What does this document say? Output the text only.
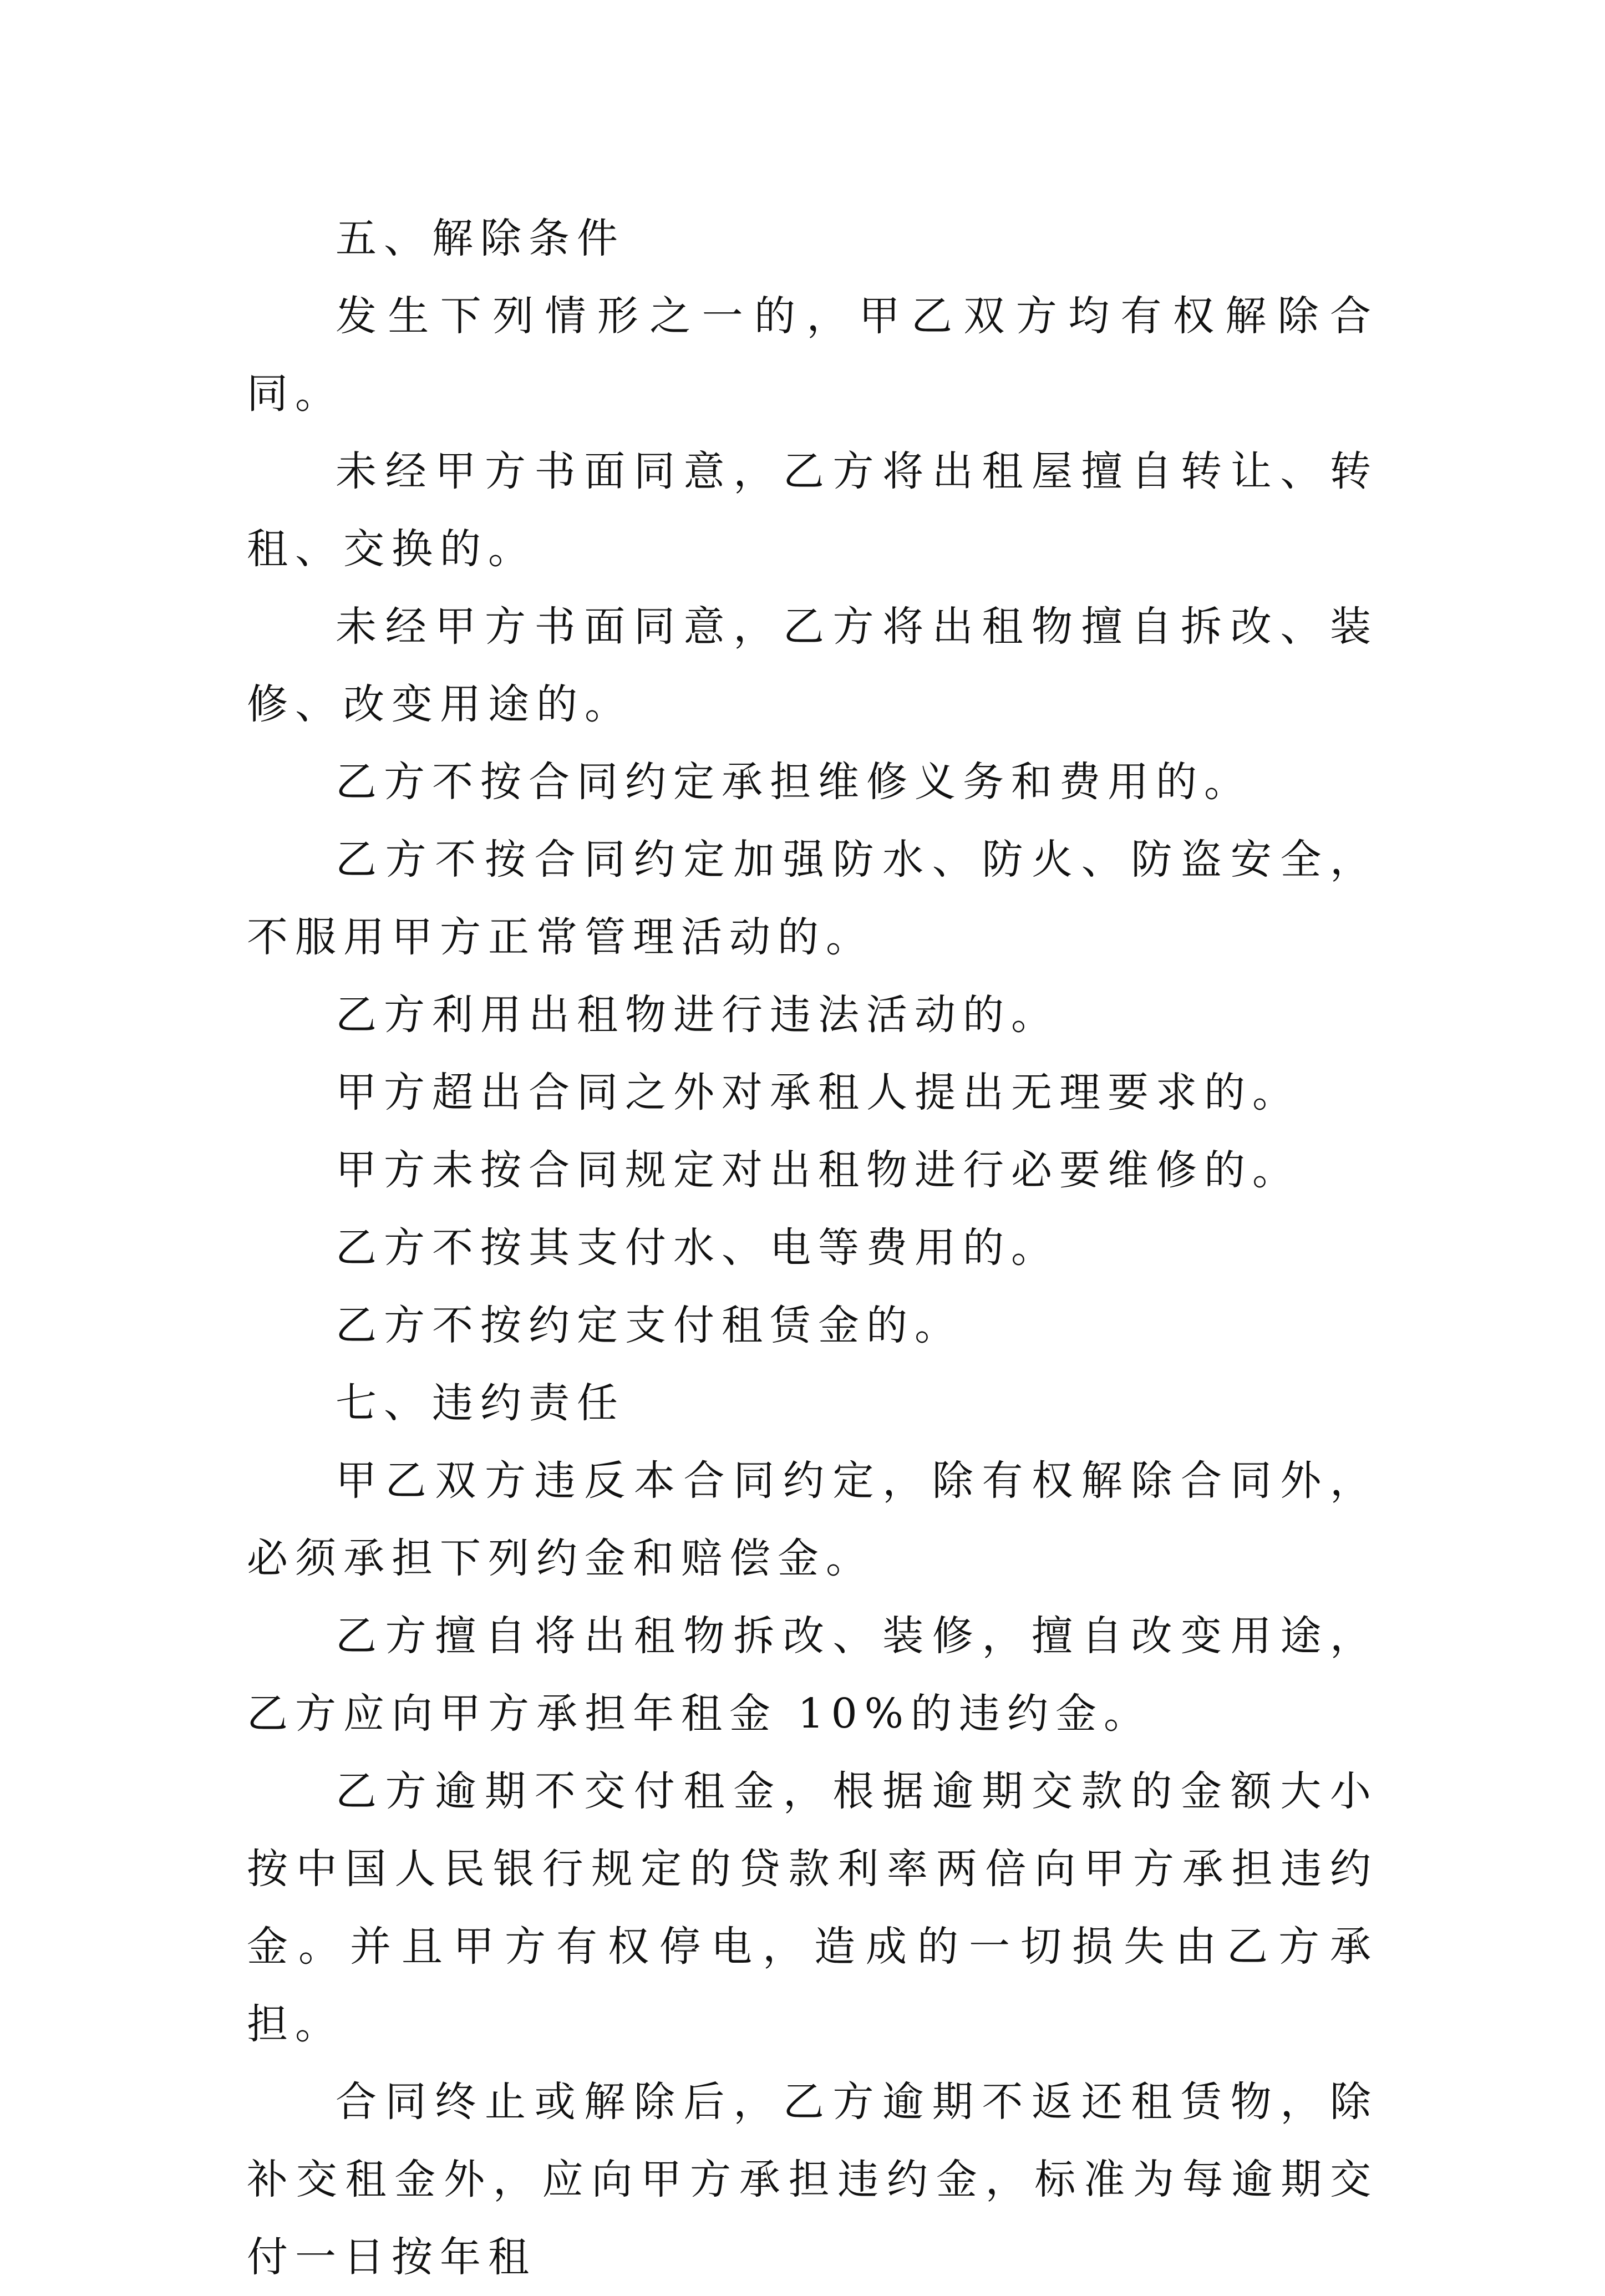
五、解除条件

发生下列情形之一的，甲乙双方均有权解除合同。

未经甲方书面同意，乙方将出租屋擅自转让、转租、交换的。

未经甲方书面同意，乙方将出租物擅自拆改、装修、改变用途的。

乙方不按合同约定承担维修义务和费用的。

乙方不按合同约定加强防水、防火、防盗安全，不服用甲方正常管理活动的。

乙方利用出租物进行违法活动的。

甲方超出合同之外对承租人提出无理要求的。

甲方未按合同规定对出租物进行必要维修的。

乙方不按其支付水、电等费用的。

乙方不按约定支付租赁金的。

七、违约责任

甲乙双方违反本合同约定，除有权解除合同外，必须承担下列约金和赔偿金。

乙方擅自将出租物拆改、装修，擅自改变用途，乙方应向甲方承担年租金 10%的违约金。

乙方逾期不交付租金，根据逾期交款的金额大小按中国人民银行规定的贷款利率两倍向甲方承担违约金。并且甲方有权停电，造成的一切损失由乙方承担。

合同终止或解除后，乙方逾期不返还租赁物，除补交租金外，应向甲方承担违约金，标准为每逾期交付一日按年租
